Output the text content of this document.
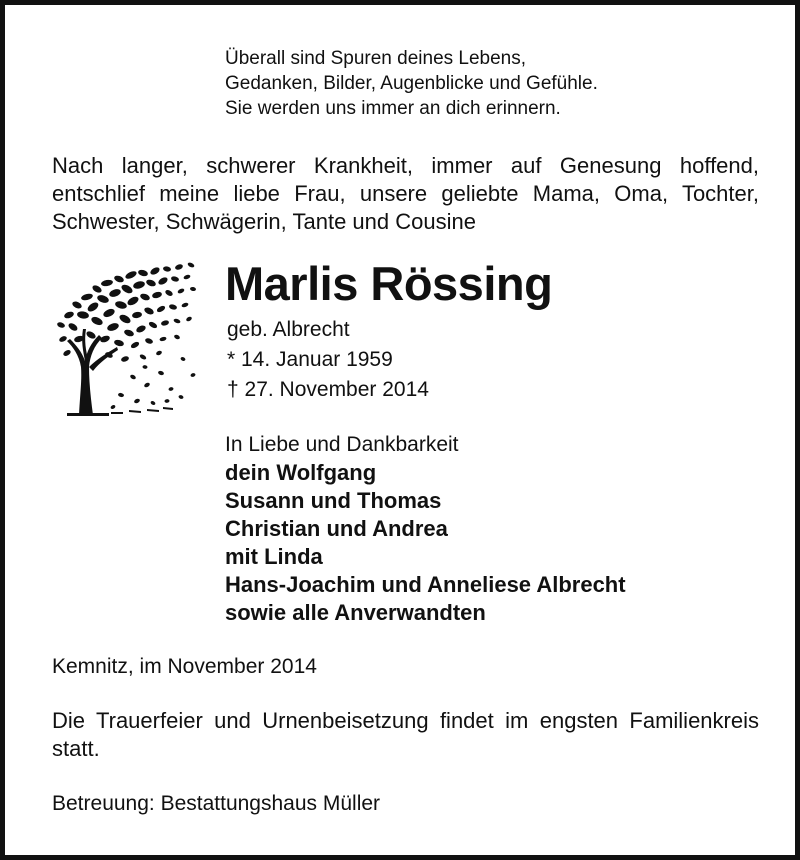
Überall sind Spuren deines Lebens,
Gedanken, Bilder, Augenblicke und Gefühle.
Sie werden uns immer an dich erinnern.
Nach langer, schwerer Krankheit, immer auf Genesung hoffend, entschlief meine liebe Frau, unsere geliebte Mama, Oma, Tochter, Schwester, Schwägerin, Tante und Cousine
Marlis Rössing
geb. Albrecht
* 14. Januar 1959
† 27. November 2014
In Liebe und Dankbarkeit
dein Wolfgang
Susann und Thomas
Christian und Andrea
mit Linda
Hans-Joachim und Anneliese Albrecht
sowie alle Anverwandten
Kemnitz, im November 2014
Die Trauerfeier und Urnenbeisetzung findet im engsten Familienkreis statt.
Betreuung: Bestattungshaus Müller
